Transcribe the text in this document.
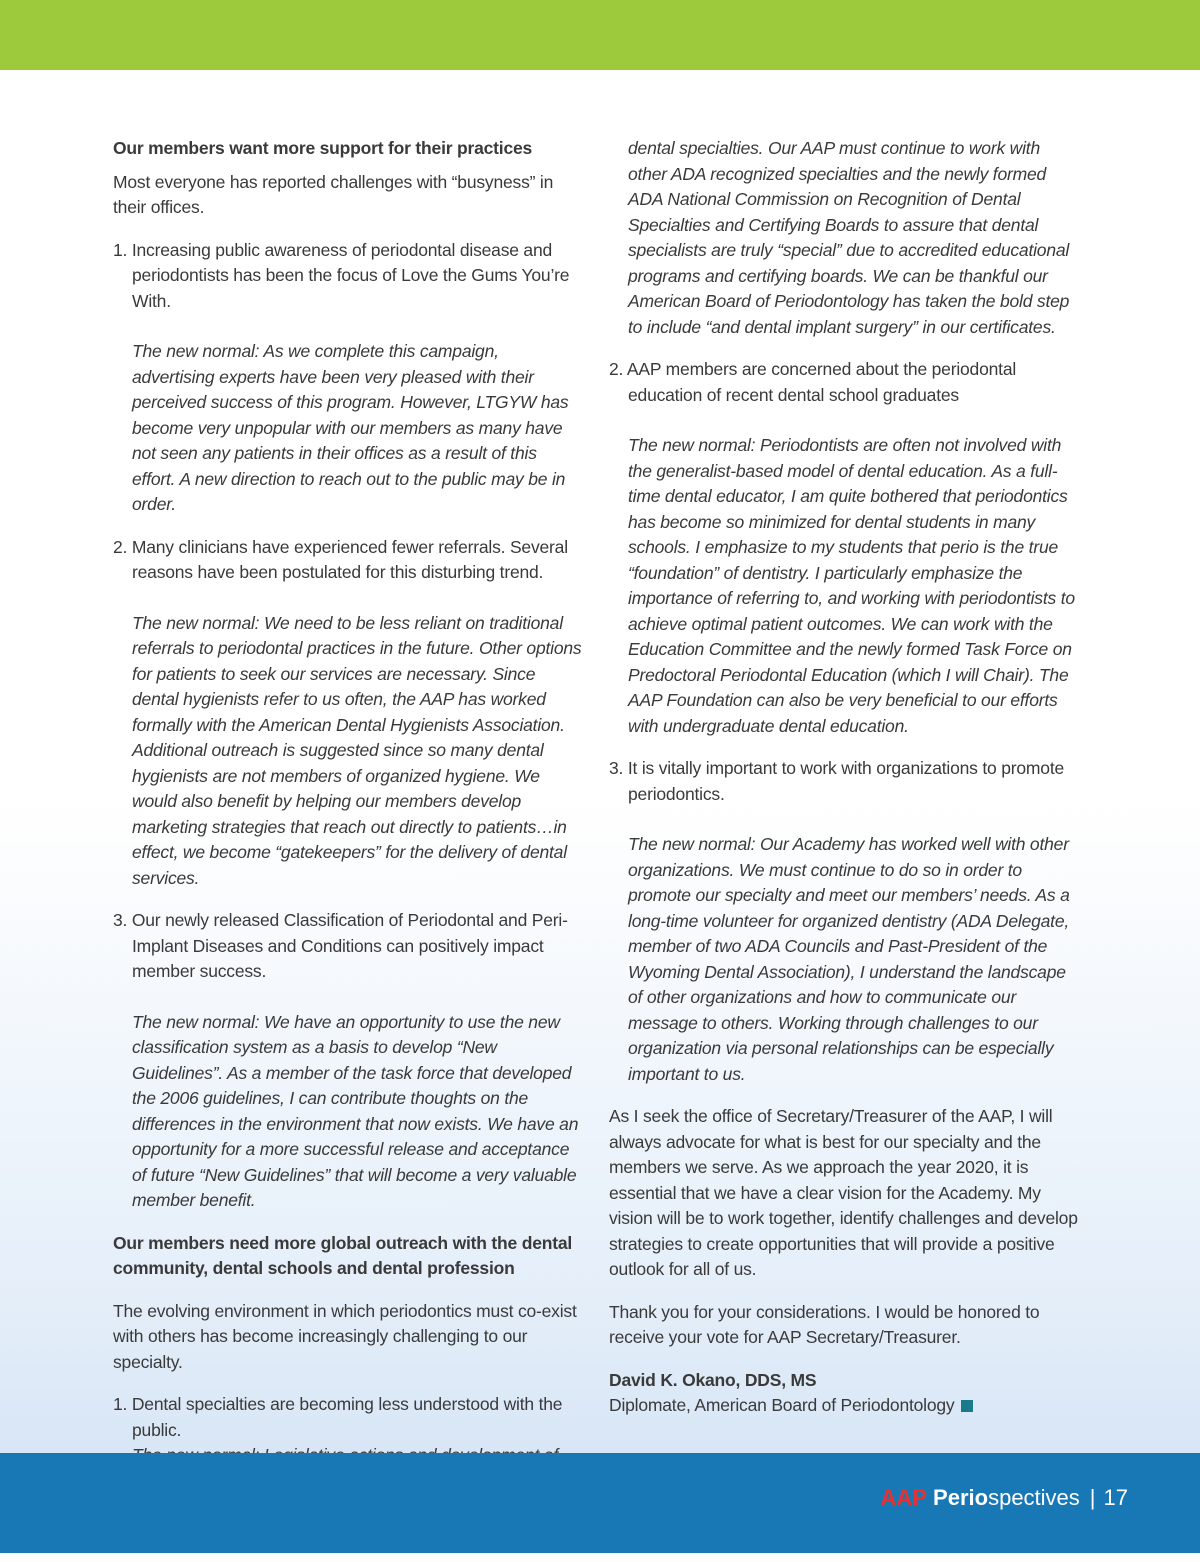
Our members want more support for their practices

Most everyone has reported challenges with “busyness” in their offices.

1. Increasing public awareness of periodontal disease and periodontists has been the focus of Love the Gums You’re With.
The new normal: As we complete this campaign, advertising experts have been very pleased with their perceived success of this program. However, LTGYW has become very unpopular with our members as many have not seen any patients in their offices as a result of this effort. A new direction to reach out to the public may be in order.
2. Many clinicians have experienced fewer referrals. Several reasons have been postulated for this disturbing trend.
The new normal: We need to be less reliant on traditional referrals to periodontal practices in the future. Other options for patients to seek our services are necessary. Since dental hygienists refer to us often, the AAP has worked formally with the American Dental Hygienists Association. Additional outreach is suggested since so many dental hygienists are not members of organized hygiene. We would also benefit by helping our members develop marketing strategies that reach out directly to patients…in effect, we become “gatekeepers” for the delivery of dental services.
3. Our newly released Classification of Periodontal and Peri-Implant Diseases and Conditions can positively impact member success.
The new normal: We have an opportunity to use the new classification system as a basis to develop “New Guidelines”. As a member of the task force that developed the 2006 guidelines, I can contribute thoughts on the differences in the environment that now exists. We have an opportunity for a more successful release and acceptance of future “New Guidelines” that will become a very valuable member benefit.
Our members need more global outreach with the dental community, dental schools and dental profession

The evolving environment in which periodontics must co-exist with others has become increasingly challenging to our specialty.

1. Dental specialties are becoming less understood with the public.
dental specialties. Our AAP must continue to work with other ADA recognized specialties and the newly formed ADA National Commission on Recognition of Dental Specialties and Certifying Boards to assure that dental specialists are truly “special” due to accredited educational programs and certifying boards. We can be thankful our American Board of Periodontology has taken the bold step to include “and dental implant surgery” in our certificates.
2. AAP members are concerned about the periodontal education of recent dental school graduates
The new normal: Periodontists are often not involved with the generalist-based model of dental education. As a full-time dental educator, I am quite bothered that periodontics has become so minimized for dental students in many schools. I emphasize to my students that perio is the true “foundation” of dentistry. I particularly emphasize the importance of referring to, and working with periodontists to achieve optimal patient outcomes. We can work with the Education Committee and the newly formed Task Force on Predoctoral Periodontal Education (which I will Chair). The AAP Foundation can also be very beneficial to our efforts with undergraduate dental education.
3. It is vitally important to work with organizations to promote periodontics.
The new normal: Our Academy has worked well with other organizations. We must continue to do so in order to promote our specialty and meet our members’ needs. As a long-time volunteer for organized dentistry (ADA Delegate, member of two ADA Councils and Past-President of the Wyoming Dental Association), I understand the landscape of other organizations and how to communicate our message to others. Working through challenges to our organization via personal relationships can be especially important to us.

As I seek the office of Secretary/Treasurer of the AAP, I will always advocate for what is best for our specialty and the members we serve. As we approach the year 2020, it is essential that we have a clear vision for the Academy. My vision will be to work together, identify challenges and develop strategies to create opportunities that will provide a positive outlook for all of us.

Thank you for your considerations. I would be honored to receive your vote for AAP Secretary/Treasurer.

David K. Okano, DDS, MS
Diplomate, American Board of Periodontology
AAP Periospectives | 17
